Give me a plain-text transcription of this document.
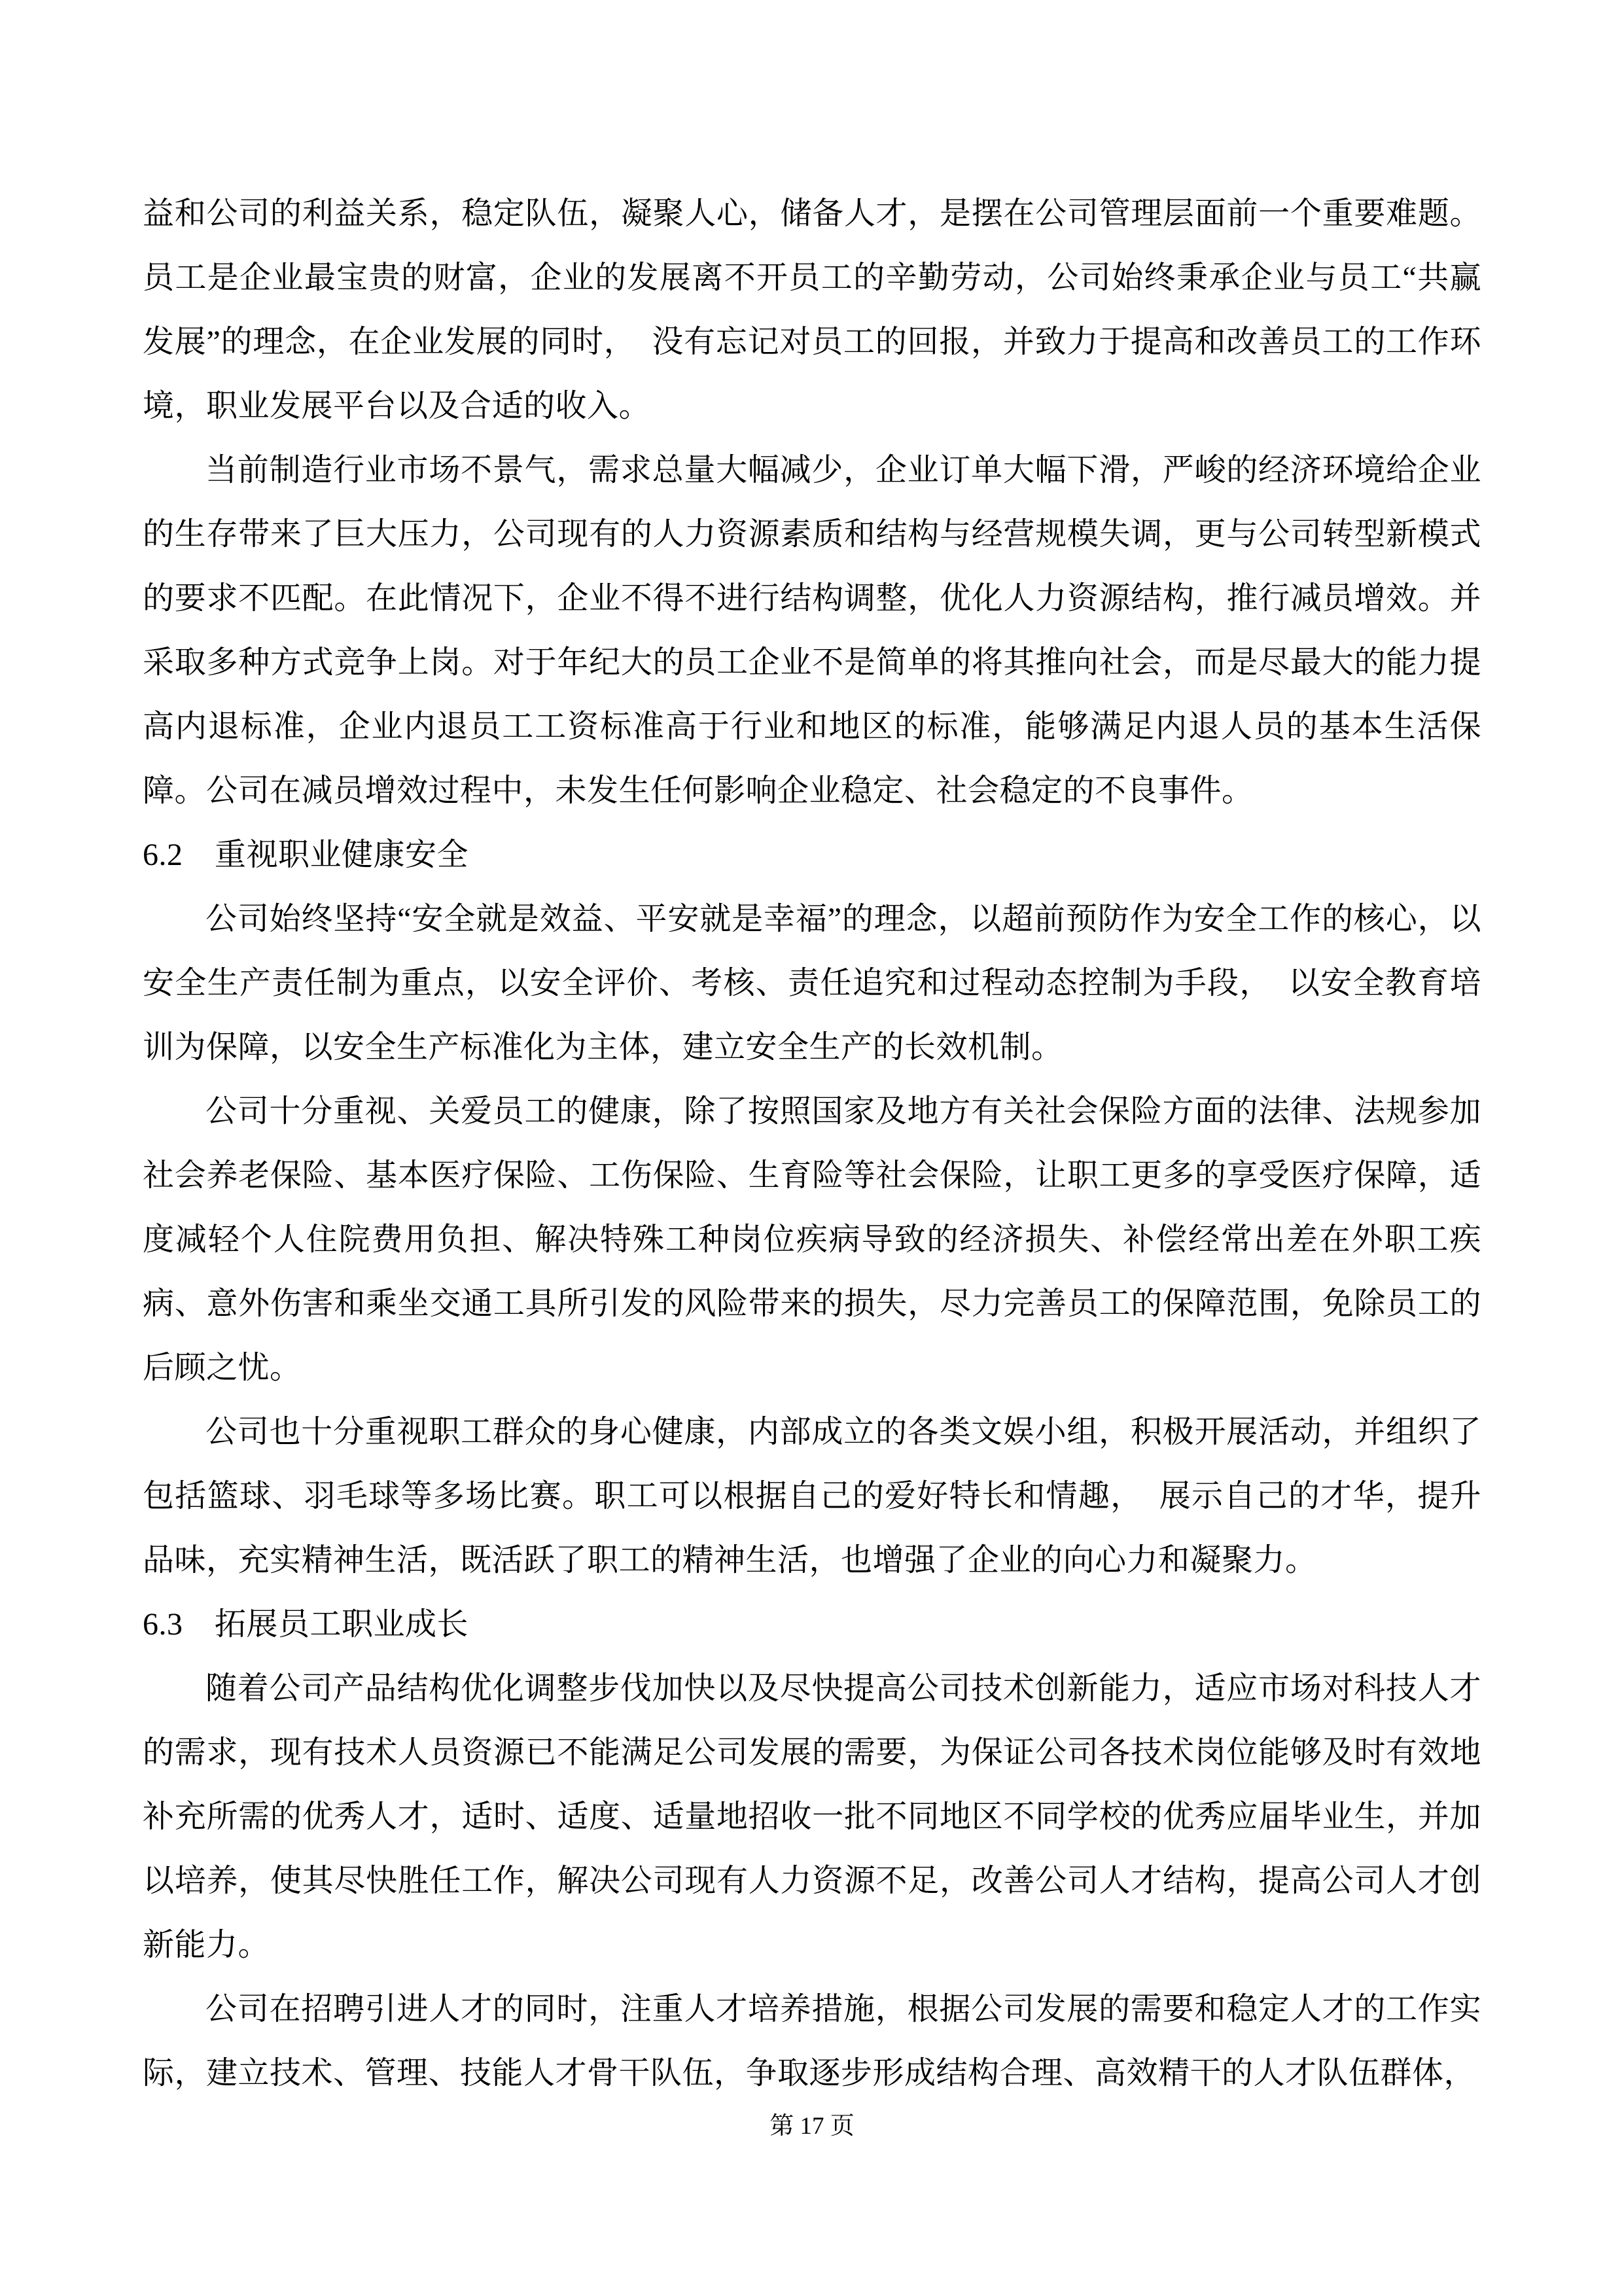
益和公司的利益关系，稳定队伍，凝聚人心，储备人才，是摆在公司管理层面前一个重要难题。员工是企业最宝贵的财富，企业的发展离不开员工的辛勤劳动，公司始终秉承企业与员工“共赢发展”的理念，在企业发展的同时，　没有忘记对员工的回报，并致力于提高和改善员工的工作环境，职业发展平台以及合适的收入。

当前制造行业市场不景气，需求总量大幅减少，企业订单大幅下滑，严峻的经济环境给企业的生存带来了巨大压力，公司现有的人力资源素质和结构与经营规模失调，更与公司转型新模式的要求不匹配。在此情况下，企业不得不进行结构调整，优化人力资源结构，推行减员增效。并采取多种方式竞争上岗。对于年纪大的员工企业不是简单的将其推向社会，而是尽最大的能力提高内退标准，企业内退员工工资标准高于行业和地区的标准，能够满足内退人员的基本生活保障。公司在减员增效过程中，未发生任何影响企业稳定、社会稳定的不良事件。

6.2　重视职业健康安全

公司始终坚持“安全就是效益、平安就是幸福”的理念，以超前预防作为安全工作的核心，以安全生产责任制为重点，以安全评价、考核、责任追究和过程动态控制为手段，　以安全教育培训为保障，以安全生产标准化为主体，建立安全生产的长效机制。

公司十分重视、关爱员工的健康，除了按照国家及地方有关社会保险方面的法律、法规参加社会养老保险、基本医疗保险、工伤保险、生育险等社会保险，让职工更多的享受医疗保障，适度减轻个人住院费用负担、解决特殊工种岗位疾病导致的经济损失、补偿经常出差在外职工疾病、意外伤害和乘坐交通工具所引发的风险带来的损失，尽力完善员工的保障范围，免除员工的后顾之忧。

公司也十分重视职工群众的身心健康，内部成立的各类文娱小组，积极开展活动，并组织了包括篮球、羽毛球等多场比赛。职工可以根据自己的爱好特长和情趣，　展示自己的才华，提升品味，充实精神生活，既活跃了职工的精神生活，也增强了企业的向心力和凝聚力。

6.3　拓展员工职业成长

随着公司产品结构优化调整步伐加快以及尽快提高公司技术创新能力，适应市场对科技人才的需求，现有技术人员资源已不能满足公司发展的需要，为保证公司各技术岗位能够及时有效地补充所需的优秀人才，适时、适度、适量地招收一批不同地区不同学校的优秀应届毕业生，并加以培养，使其尽快胜任工作，解决公司现有人力资源不足，改善公司人才结构，提高公司人才创新能力。

公司在招聘引进人才的同时，注重人才培养措施，根据公司发展的需要和稳定人才的工作实际，建立技术、管理、技能人才骨干队伍，争取逐步形成结构合理、高效精干的人才队伍群体，

第 17 页
